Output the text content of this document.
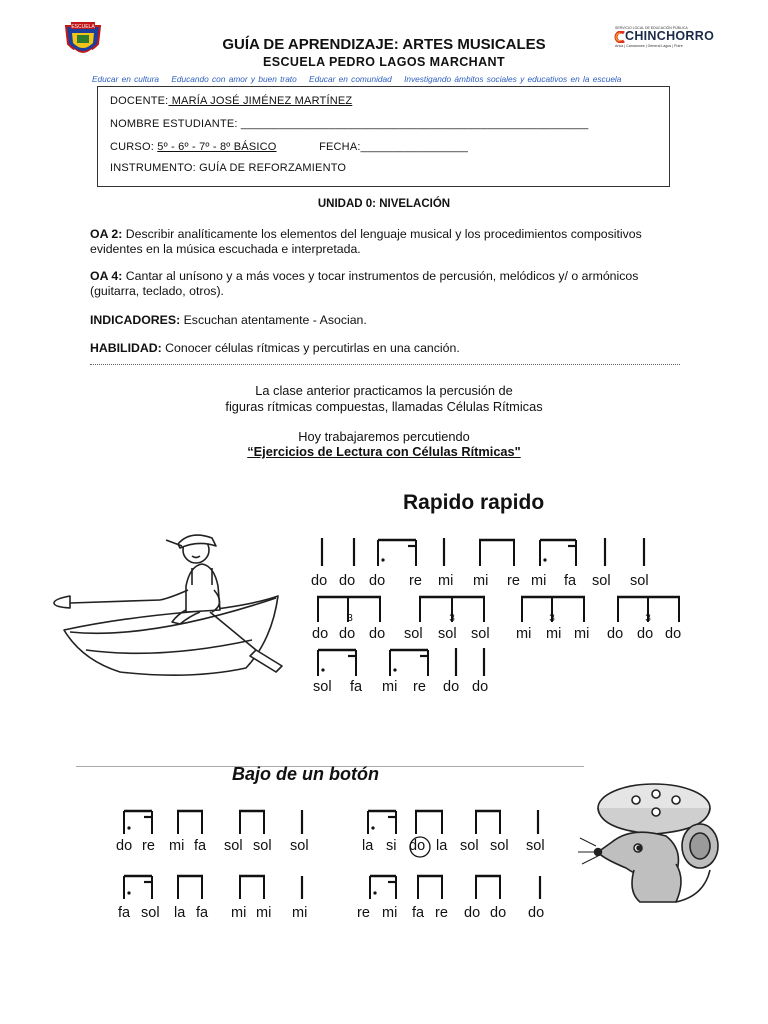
ESCUELA
GUÍA DE APRENDIZAJE: ARTES MUSICALES
ESCUELA PEDRO LAGOS MARCHANT
SERVICIO LOCAL DE EDUCACIÓN PÚBLICA
CHINCHORRO
Arica | Camarones | General Lagos | Putre
Educar en cultura Educando con amor y buen trato Educar en comunidad Investigando ámbitos sociales y educativos en la escuela
DOCENTE: MARÍA JOSÉ JIMÉNEZ MARTÍNEZ
NOMBRE ESTUDIANTE: _______________________________________________________
CURSO: 5º - 6º - 7º - 8º BÁSICO	FECHA:_________________
INSTRUMENTO: GUÍA DE REFORZAMIENTO
UNIDAD 0: NIVELACIÓN
OA 2: Describir analíticamente los elementos del lenguaje musical y los procedimientos compositivos evidentes en la música escuchada e interpretada.
OA 4: Cantar al unísono y a más voces y tocar instrumentos de percusión, melódicos y/ o armónicos (guitarra, teclado, otros).
INDICADORES: Escuchan atentamente - Asocian.
HABILIDAD: Conocer células rítmicas y percutirlas en una canción.
La clase anterior practicamos la percusión de
figuras rítmicas compuestas, llamadas Células Rítmicas
Hoy trabajaremos percutiendo
“Ejercicios de Lectura con Células Rítmicas"
Rapido rapido
Bajo de un botón
3	3	3	3
do do do re mi mi re mi fa sol sol
do do do sol sol sol mi mi mi do do do
sol fa mi re do do
do re mi fa sol sol sol	la si do la sol sol sol
fa sol la fa mi mi mi	re mi fa re do do do
